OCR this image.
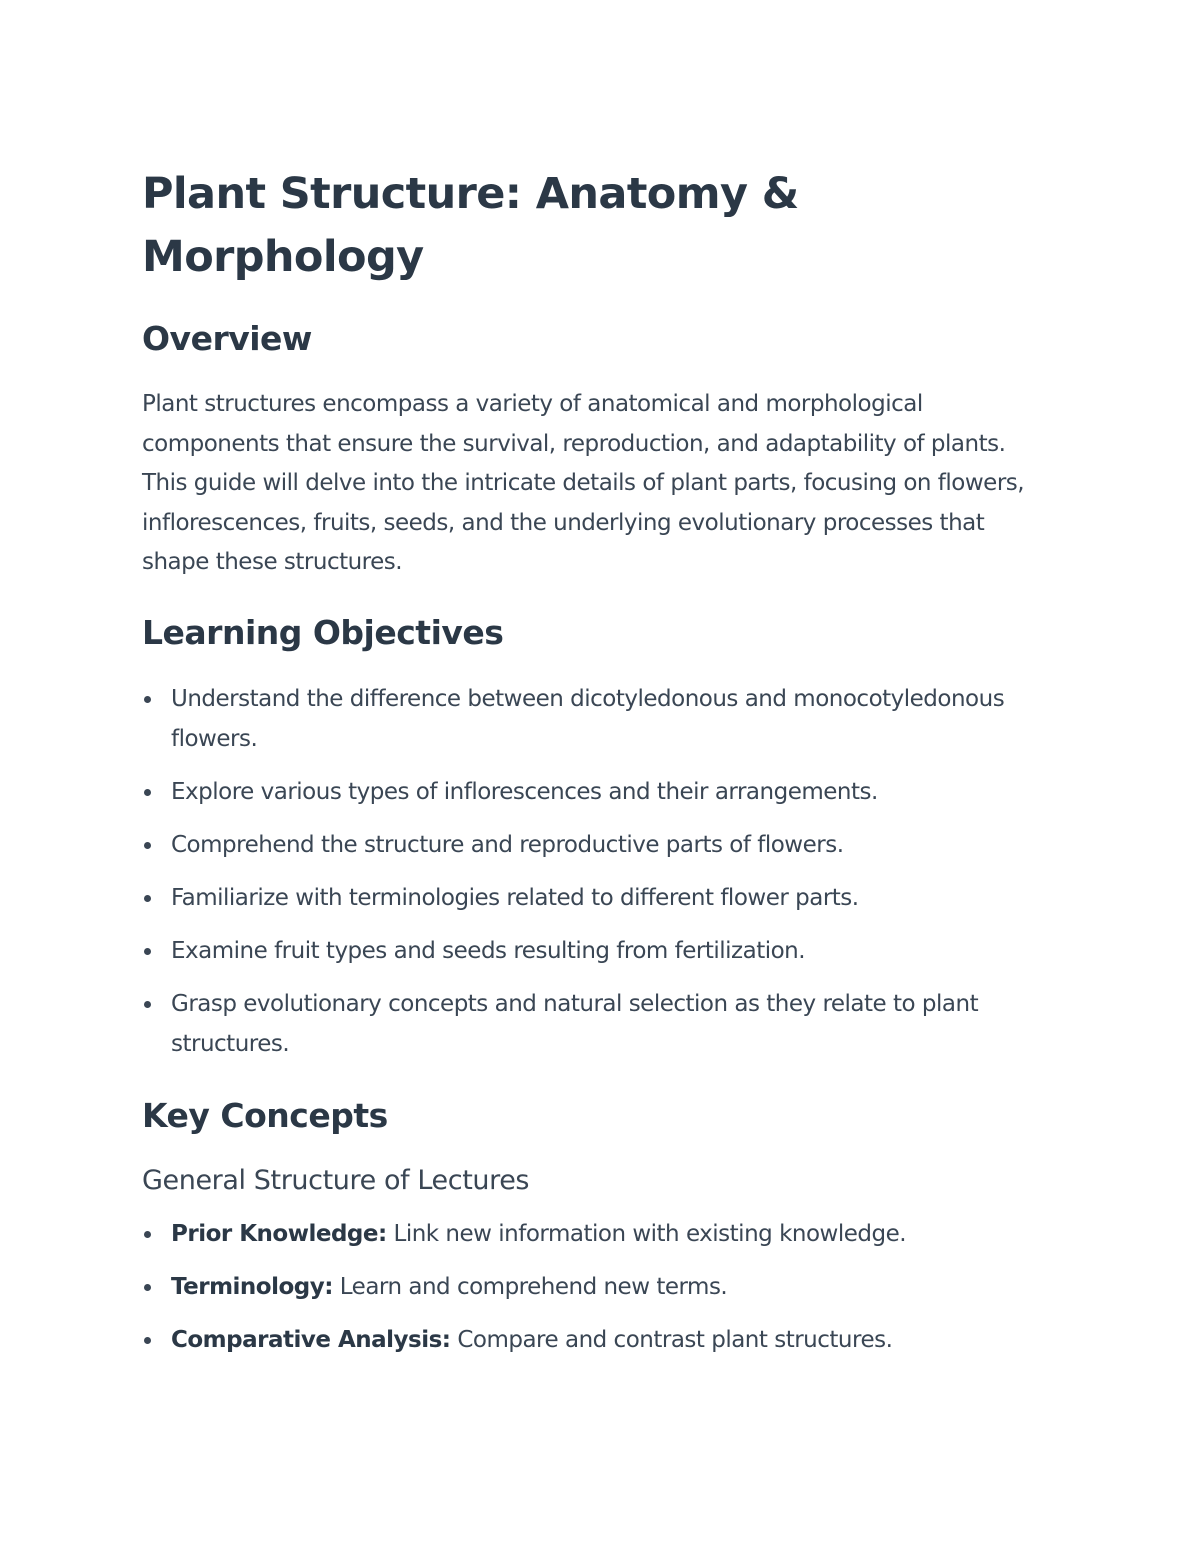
Plant Structure: Anatomy & Morphology
Overview

Plant structures encompass a variety of anatomical and morphological components that ensure the survival, reproduction, and adaptability of plants. This guide will delve into the intricate details of plant parts, focusing on flowers, inflorescences, fruits, seeds, and the underlying evolutionary processes that shape these structures.

Learning Objectives
Understand the difference between dicotyledonous and monocotyledonous flowers.
Explore various types of inflorescences and their arrangements.
Comprehend the structure and reproductive parts of flowers.
Familiarize with terminologies related to different flower parts.
Examine fruit types and seeds resulting from fertilization.
Grasp evolutionary concepts and natural selection as they relate to plant structures.
Key Concepts
General Structure of Lectures
Prior Knowledge: Link new information with existing knowledge.
Terminology: Learn and comprehend new terms.
Comparative Analysis: Compare and contrast plant structures.
